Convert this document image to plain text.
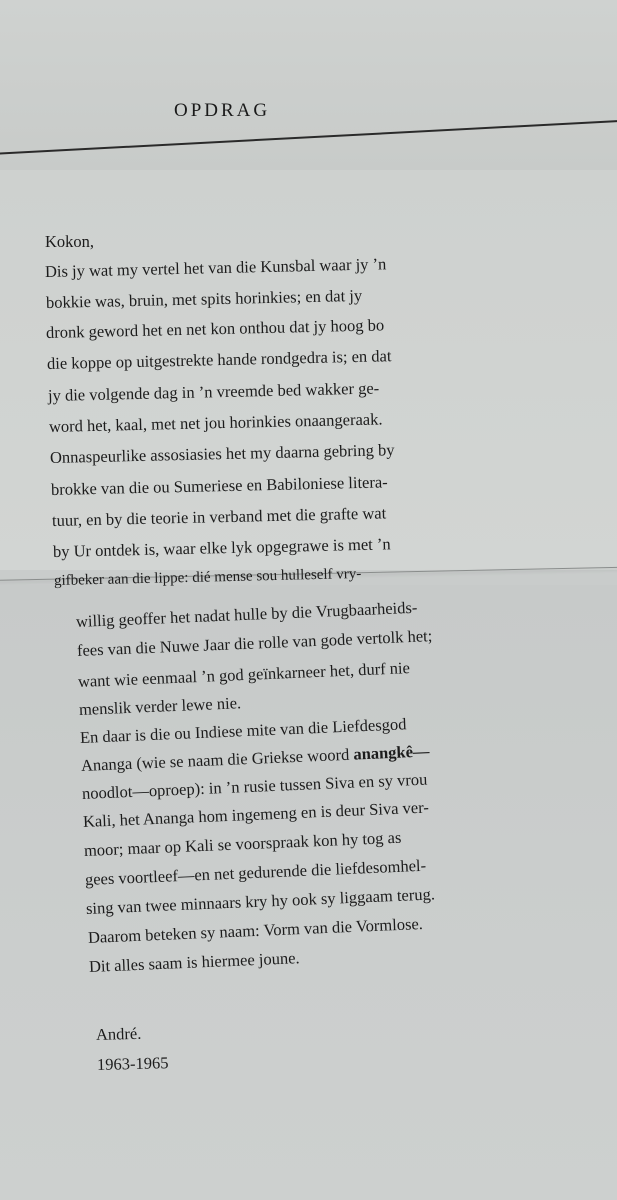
OPDRAG
Kokon,
Dis jy wat my vertel het van die Kunsbal waar jy ’n
bokkie was, bruin, met spits horinkies; en dat jy
dronk geword het en net kon onthou dat jy hoog bo
die koppe op uitgestrekte hande rondgedra is; en dat
jy die volgende dag in ’n vreemde bed wakker ge-
word het, kaal, met net jou horinkies onaangeraak.
Onnaspeurlike assosiasies het my daarna gebring by
brokke van die ou Sumeriese en Babiloniese litera-
tuur, en by die teorie in verband met die grafte wat
by Ur ontdek is, waar elke lyk opgegrawe is met ’n
gifbeker aan die lippe: dié mense sou hulleself vry-
willig geoffer het nadat hulle by die Vrugbaarheids-
fees van die Nuwe Jaar die rolle van gode vertolk het;
want wie eenmaal ’n god geïnkarneer het, durf nie
menslik verder lewe nie.
En daar is die ou Indiese mite van die Liefdesgod
Ananga (wie se naam die Griekse woord anangkê—
noodlot—oproep): in ’n rusie tussen Siva en sy vrou
Kali, het Ananga hom ingemeng en is deur Siva ver-
moor; maar op Kali se voorspraak kon hy tog as
gees voortleef—en net gedurende die liefdesomhel-
sing van twee minnaars kry hy ook sy liggaam terug.
Daarom beteken sy naam: Vorm van die Vormlose.
Dit alles saam is hiermee joune.
André.
1963-1965
